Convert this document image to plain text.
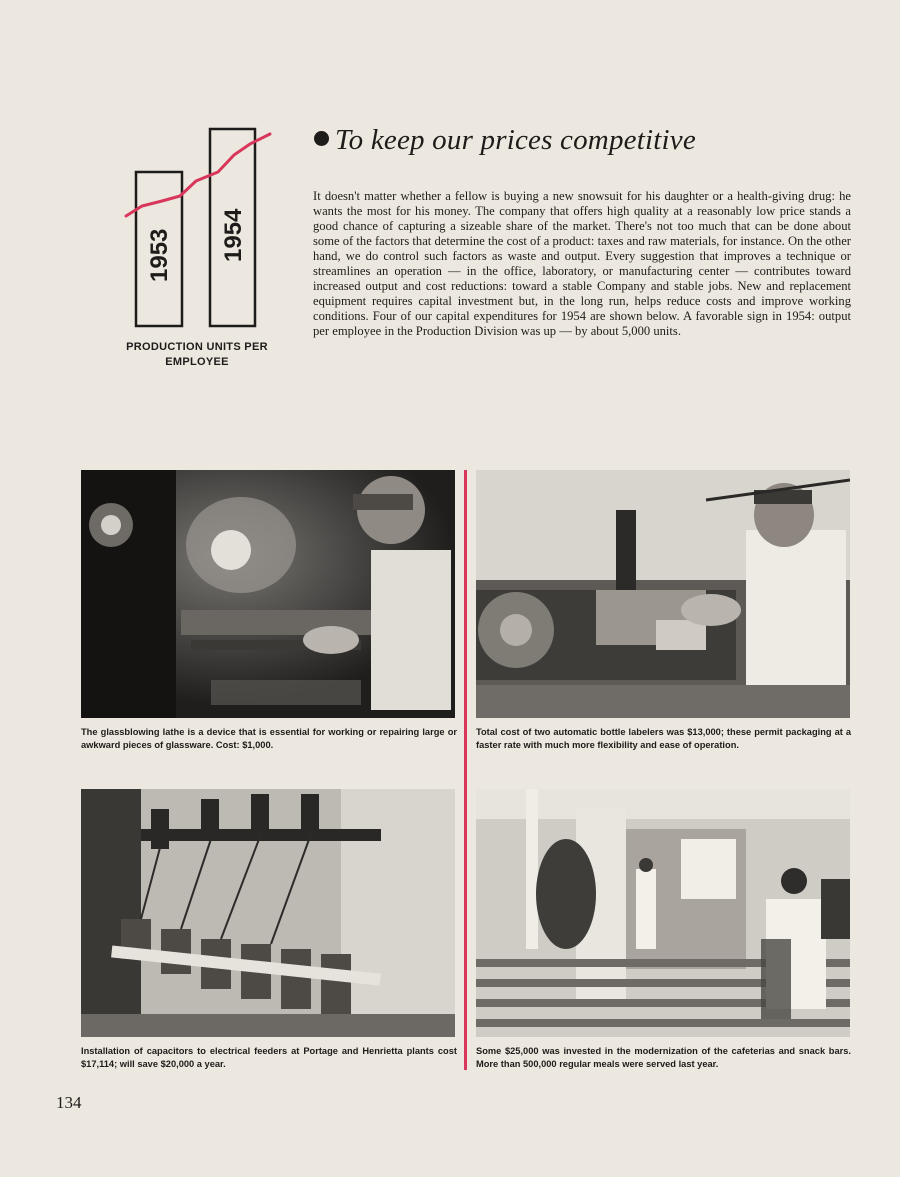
1953 1954
PRODUCTION UNITS PER EMPLOYEE
To keep our prices competitive

It doesn't matter whether a fellow is buying a new snowsuit for his daughter or a health-giving drug: he wants the most for his money. The company that offers high quality at a reasonably low price stands a good chance of capturing a sizeable share of the market. There's not too much that can be done about some of the factors that determine the cost of a product: taxes and raw materials, for instance. On the other hand, we do control such factors as waste and output. Every suggestion that improves a technique or streamlines an operation — in the office, laboratory, or manufacturing center — contributes toward increased output and cost reductions: toward a stable Company and stable jobs. New and replacement equipment requires capital investment but, in the long run, helps reduce costs and improve working conditions. Four of our capital expenditures for 1954 are shown below. A favorable sign in 1954: output per employee in the Production Division was up — by about 5,000 units.

The glassblowing lathe is a device that is essential for working or repairing large or awkward pieces of glassware. Cost: $1,000.

Total cost of two automatic bottle labelers was $13,000; these permit packaging at a faster rate with much more flexibility and ease of operation.

Installation of capacitors to electrical feeders at Portage and Henrietta plants cost $17,114; will save $20,000 a year.

Some $25,000 was invested in the modernization of the cafeterias and snack bars. More than 500,000 regular meals were served last year.

134
